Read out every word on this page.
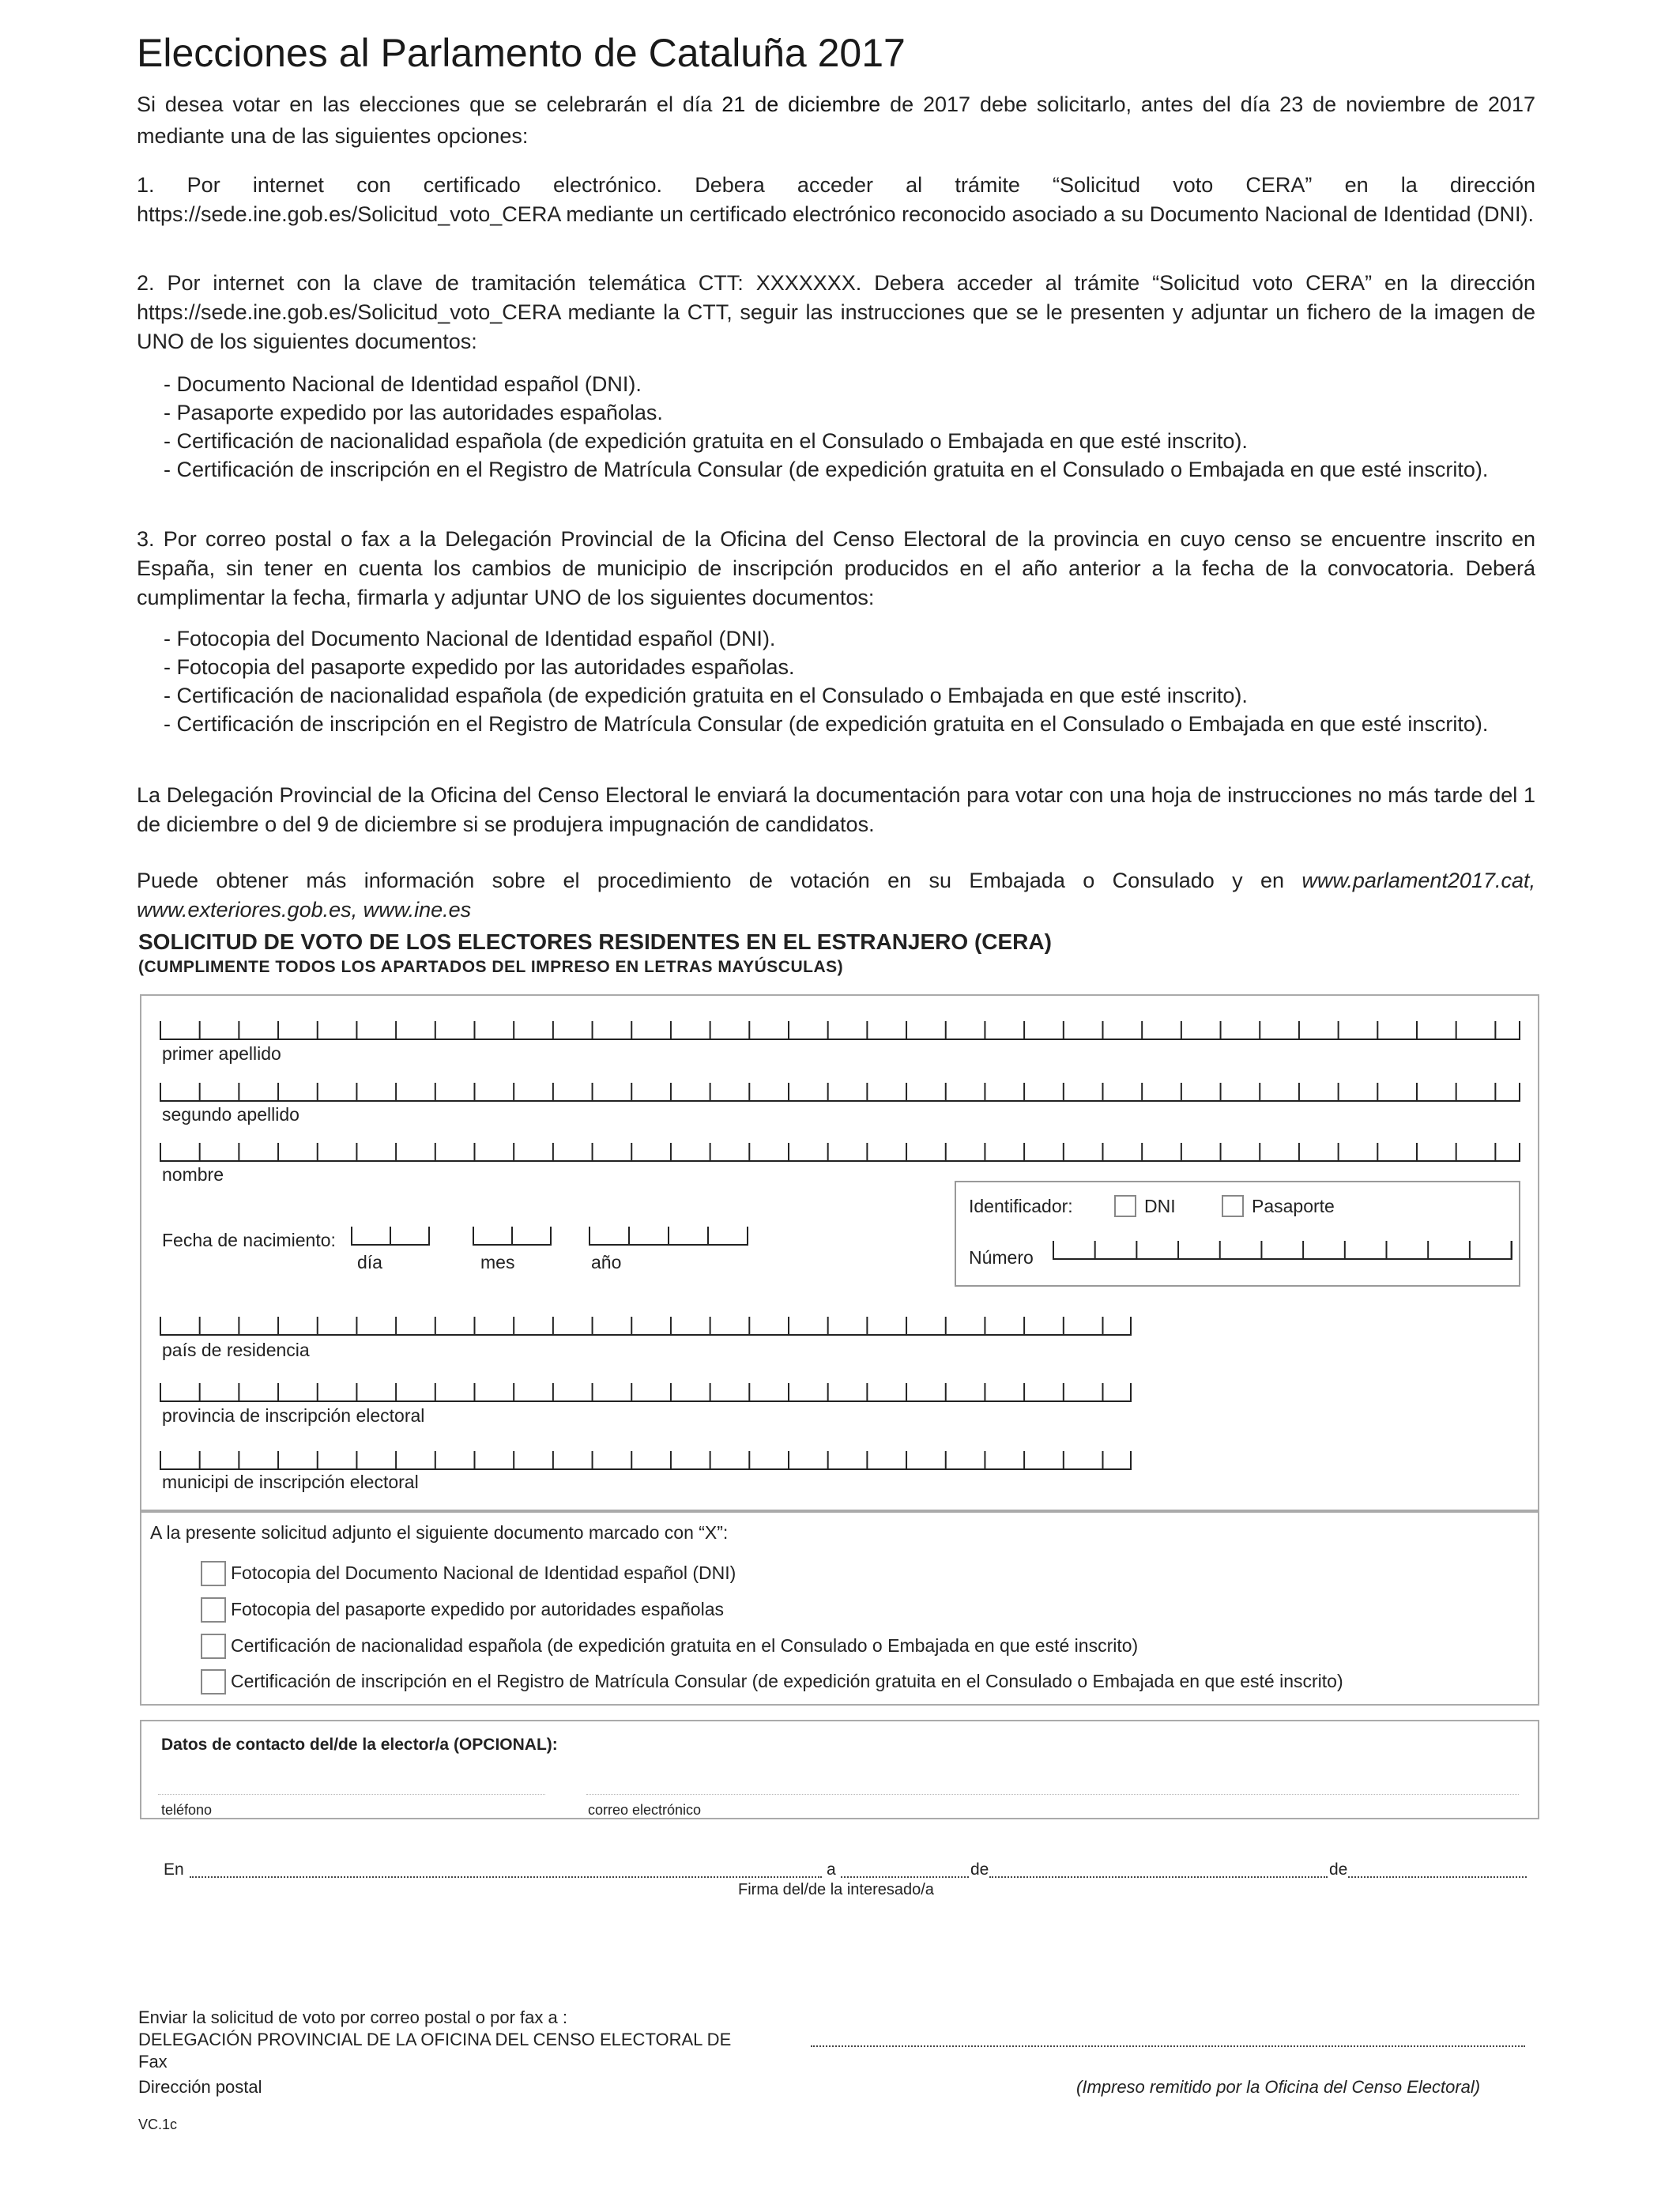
Elecciones al Parlamento de Cataluña 2017
Si desea votar en las elecciones que se celebrarán el día 21 de diciembre de 2017 debe solicitarlo, antes del día 23 de noviembre de 2017 mediante una de las siguientes opciones:
1. Por internet con certificado electrónico. Debera acceder al trámite “Solicitud voto CERA” en la dirección https://sede.ine.gob.es/Solicitud_voto_CERA mediante un certificado electrónico reconocido asociado a su Documento Nacional de Identidad (DNI).
2. Por internet con la clave de tramitación telemática CTT: XXXXXXX. Debera acceder al trámite “Solicitud voto CERA” en la dirección https://sede.ine.gob.es/Solicitud_voto_CERA mediante la CTT, seguir las instrucciones que se le presenten y adjuntar un fichero de la imagen de UNO de los siguientes documentos:
- Documento Nacional de Identidad español (DNI).
- Pasaporte expedido por las autoridades españolas.
- Certificación de nacionalidad española (de expedición gratuita en el Consulado o Embajada en que esté inscrito).
- Certificación de inscripción en el Registro de Matrícula Consular (de expedición gratuita en el Consulado o Embajada en que esté inscrito).
3. Por correo postal o fax a la Delegación Provincial de la Oficina del Censo Electoral de la provincia en cuyo censo se encuentre inscrito en España, sin tener en cuenta los cambios de municipio de inscripción producidos en el año anterior a la fecha de la convocatoria. Deberá cumplimentar la fecha, firmarla y adjuntar UNO de los siguientes documentos:
- Fotocopia del Documento Nacional de Identidad español (DNI).
- Fotocopia del pasaporte expedido por las autoridades españolas.
- Certificación de nacionalidad española (de expedición gratuita en el Consulado o Embajada en que esté inscrito).
- Certificación de inscripción en el Registro de Matrícula Consular (de expedición gratuita en el Consulado o Embajada en que esté inscrito).
La Delegación Provincial de la Oficina del Censo Electoral le enviará la documentación para votar con una hoja de instrucciones no más tarde del 1 de diciembre o del 9 de diciembre si se produjera impugnación de candidatos.
Puede obtener más información sobre el procedimiento de votación en su Embajada o Consulado y en www.parlament2017.cat, www.exteriores.gob.es, www.ine.es
SOLICITUD DE VOTO DE LOS ELECTORES RESIDENTES EN EL ESTRANJERO (CERA)
(CUMPLIMENTE TODOS LOS APARTADOS DEL IMPRESO EN LETRAS MAYÚSCULAS)
primer apellido
segundo apellido
nombre
Fecha de nacimiento:
día	mes	año
Identificador:	DNI	Pasaporte
Número
país de residencia
provincia de inscripción electoral
municipi de inscripción electoral
A la presente solicitud adjunto el siguiente documento marcado con “X”:
Fotocopia del Documento Nacional de Identidad español (DNI)
Fotocopia del pasaporte expedido por autoridades españolas
Certificación de nacionalidad española (de expedición gratuita en el Consulado o Embajada en que esté inscrito)
Certificación de inscripción en el Registro de Matrícula Consular (de expedición gratuita en el Consulado o Embajada en que esté inscrito)
Datos de contacto del/de la elector/a (OPCIONAL):
teléfono	correo electrónico
En	a	de	de
Firma del/de la interesado/a
Enviar la solicitud de voto por correo postal o por fax a :
DELEGACIÓN PROVINCIAL DE LA OFICINA DEL CENSO ELECTORAL DE
Fax
Dirección postal	(Impreso remitido por la Oficina del Censo Electoral)
VC.1c
